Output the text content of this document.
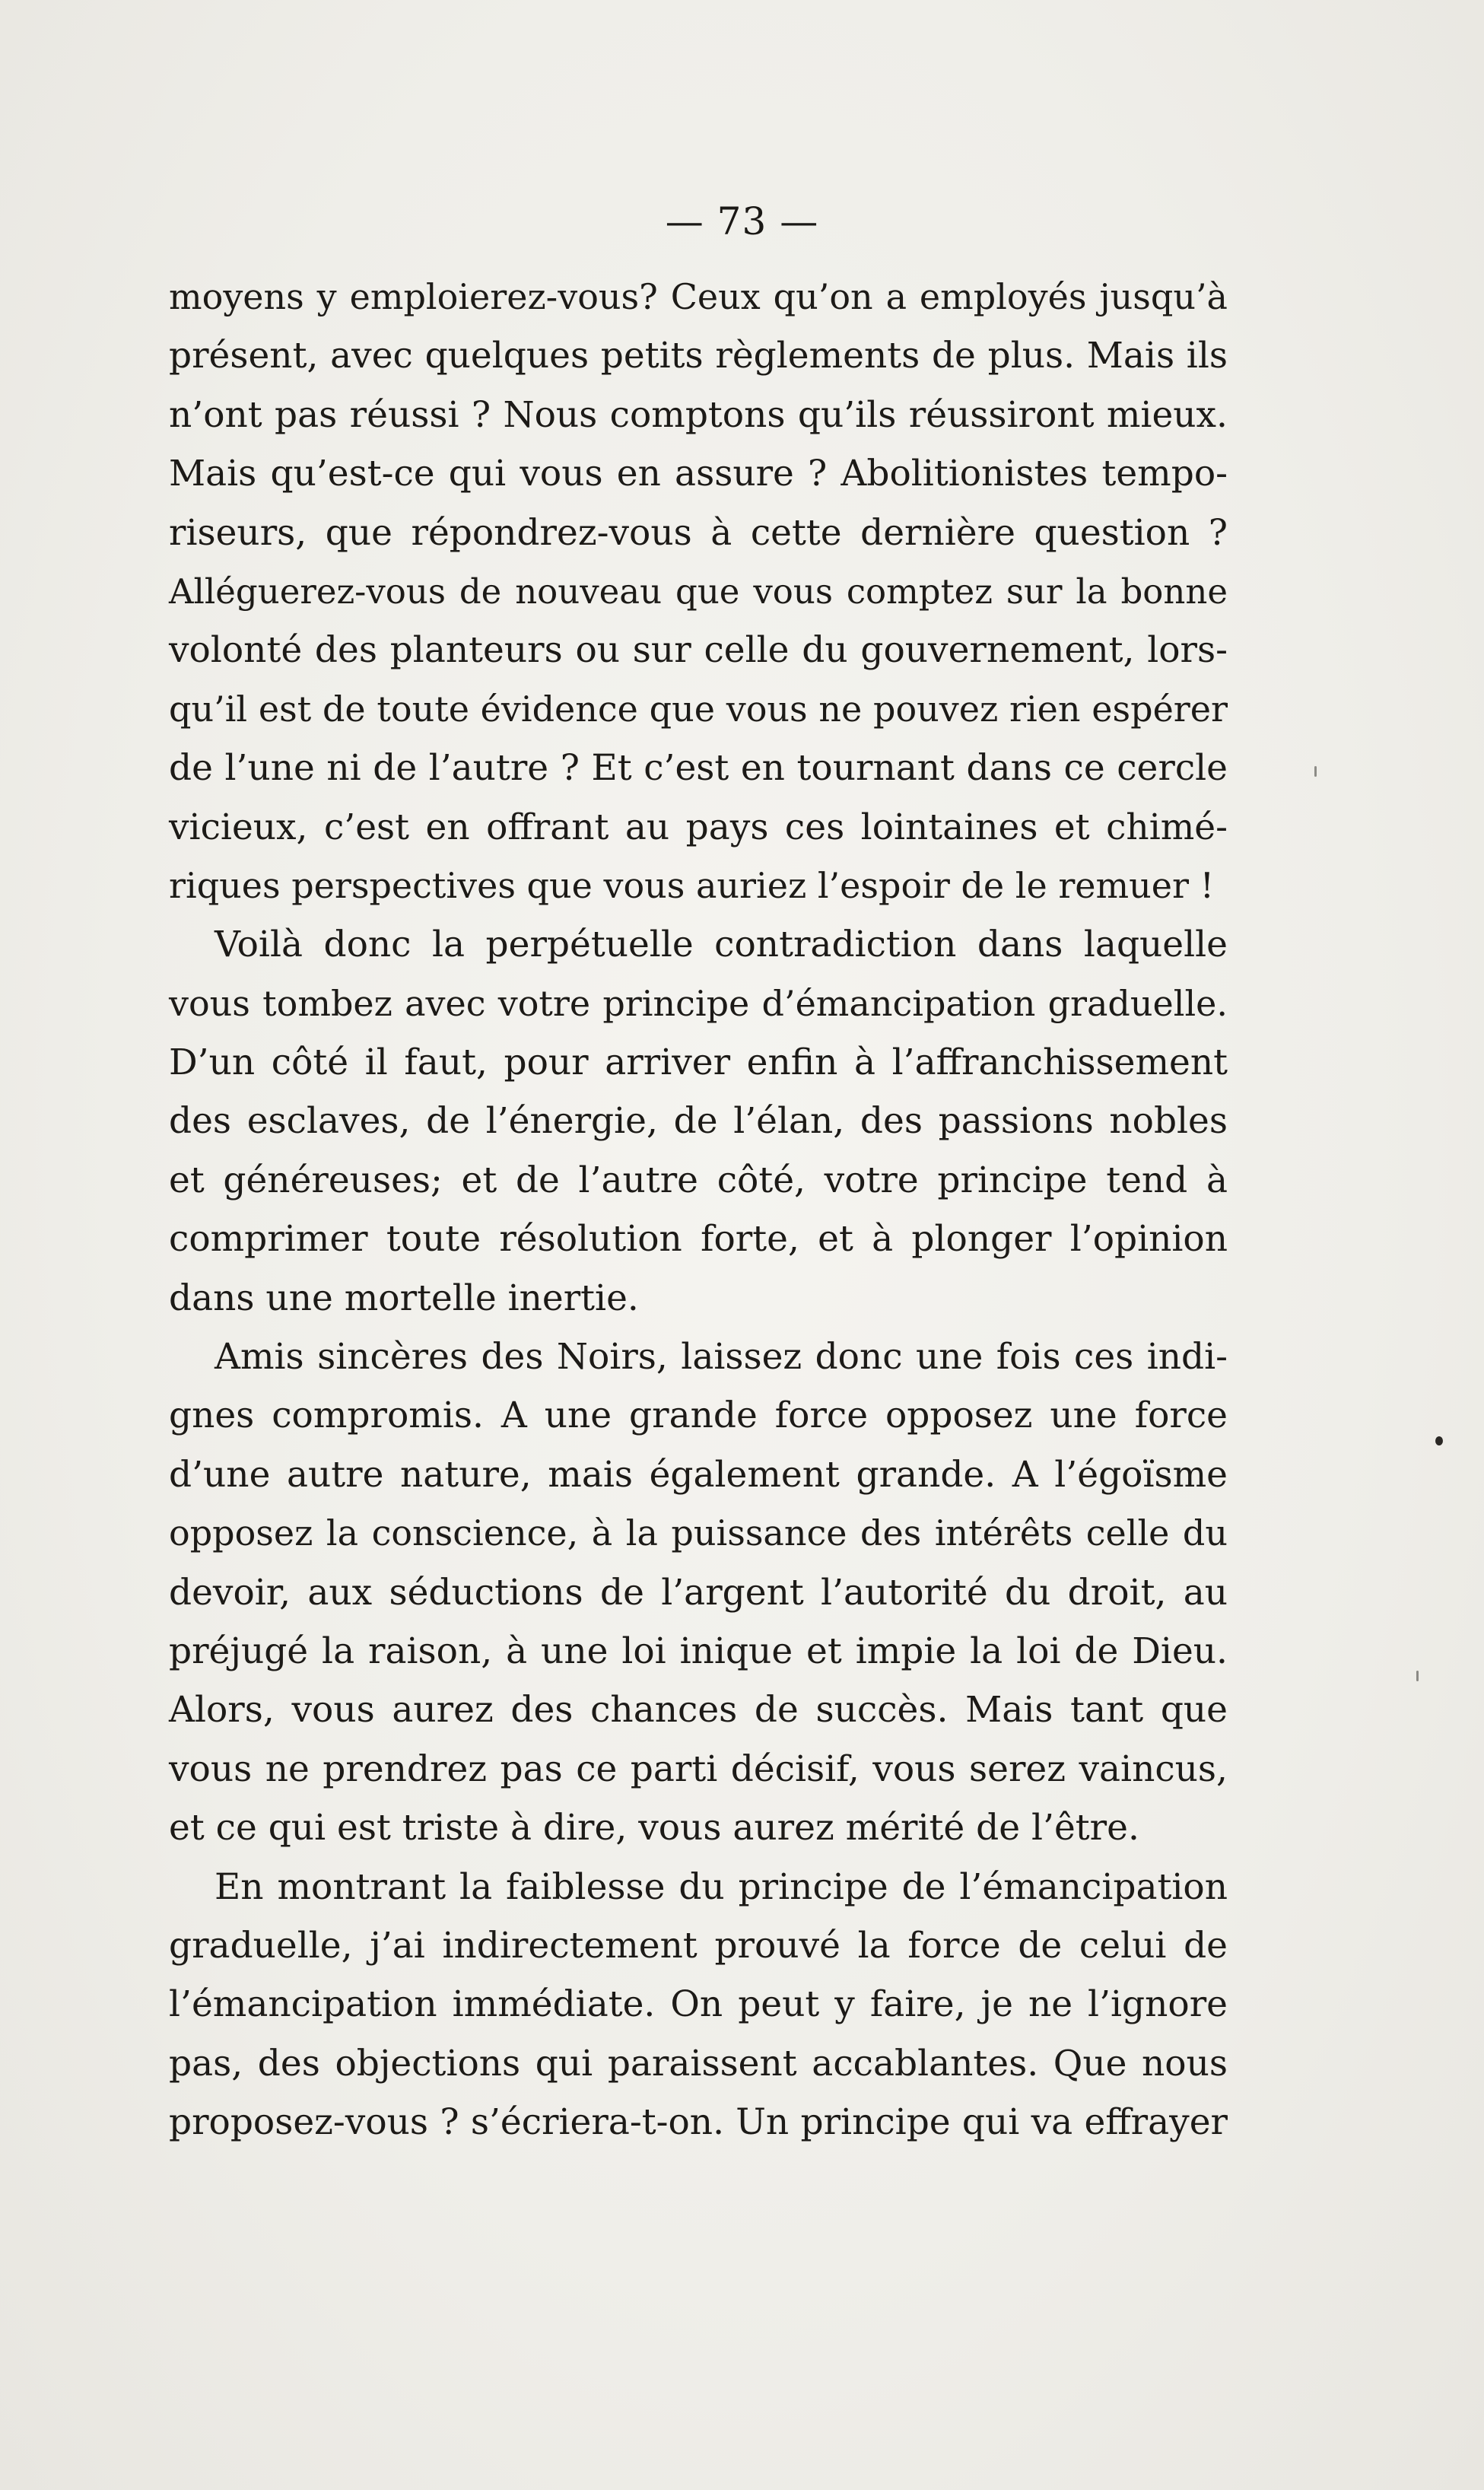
— 73 —
moyens y emploierez-vous? Ceux qu’on a employés jusqu’à
présent, avec quelques petits règlements de plus. Mais ils
n’ont pas réussi ? Nous comptons qu’ils réussiront mieux.
Mais qu’est-ce qui vous en assure ? Abolitionistes tempo-
riseurs, que répondrez-vous à cette dernière question ?
Alléguerez-vous de nouveau que vous comptez sur la bonne
volonté des planteurs ou sur celle du gouvernement, lors-
qu’il est de toute évidence que vous ne pouvez rien espérer
de l’une ni de l’autre ? Et c’est en tournant dans ce cercle
vicieux, c’est en offrant au pays ces lointaines et chimé-
riques perspectives que vous auriez l’espoir de le remuer !
Voilà donc la perpétuelle contradiction dans laquelle
vous tombez avec votre principe d’émancipation graduelle.
D’un côté il faut, pour arriver enfin à l’affranchissement
des esclaves, de l’énergie, de l’élan, des passions nobles
et généreuses; et de l’autre côté, votre principe tend à
comprimer toute résolution forte, et à plonger l’opinion
dans une mortelle inertie.
Amis sincères des Noirs, laissez donc une fois ces indi-
gnes compromis. A une grande force opposez une force
d’une autre nature, mais également grande. A l’égoïsme
opposez la conscience, à la puissance des intérêts celle du
devoir, aux séductions de l’argent l’autorité du droit, au
préjugé la raison, à une loi inique et impie la loi de Dieu.
Alors, vous aurez des chances de succès. Mais tant que
vous ne prendrez pas ce parti décisif, vous serez vaincus,
et ce qui est triste à dire, vous aurez mérité de l’être.
En montrant la faiblesse du principe de l’émancipation
graduelle, j’ai indirectement prouvé la force de celui de
l’émancipation immédiate. On peut y faire, je ne l’ignore
pas, des objections qui paraissent accablantes. Que nous
proposez-vous ? s’écriera-t-on. Un principe qui va effrayer
